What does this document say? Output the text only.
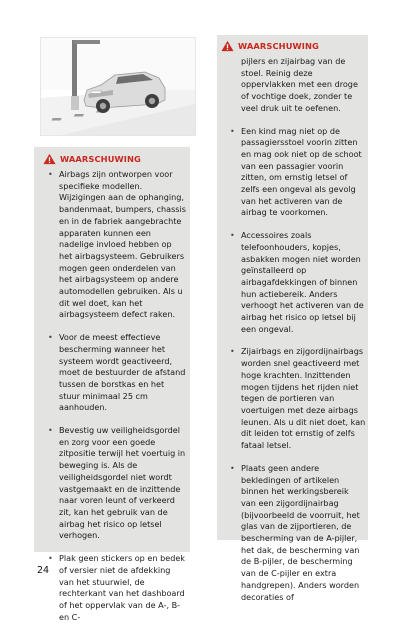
WAARSCHUWING
• Airbags zijn ontworpen voor specifieke modellen. Wijzigingen aan de ophanging, bandenmaat, bumpers, chassis en in de fabriek aangebrachte apparaten kunnen een nadelige invloed hebben op het airbagsysteem. Gebruikers mogen geen onderdelen van het airbagsysteem op andere automodellen gebruiken. Als u dit wel doet, kan het airbagsysteem defect raken.
• Voor de meest effectieve bescherming wanneer het systeem wordt geactiveerd, moet de bestuurder de afstand tussen de borstkas en het stuur minimaal 25 cm aanhouden.
• Bevestig uw veiligheidsgordel en zorg voor een goede zitpositie terwijl het voertuig in beweging is. Als de veiligheidsgordel niet wordt vastgemaakt en de inzittende naar voren leunt of verkeerd zit, kan het gebruik van de airbag het risico op letsel verhogen.
• Plak geen stickers op en bedek of versier niet de afdekking van het stuurwiel, de rechterkant van het dashboard of het oppervlak van de A-, B- en C-
WAARSCHUWING
pijlers en zijairbag van de stoel. Reinig deze oppervlakken met een droge of vochtige doek, zonder te veel druk uit te oefenen.
• Een kind mag niet op de passagiersstoel voorin zitten en mag ook niet op de schoot van een passagier voorin zitten, om ernstig letsel of zelfs een ongeval als gevolg van het activeren van de airbag te voorkomen.
• Accessoires zoals telefoonhouders, kopjes, asbakken mogen niet worden geïnstalleerd op airbagafdekkingen of binnen hun actiebereik. Anders verhoogt het activeren van de airbag het risico op letsel bij een ongeval.
• Zijairbags en zijgordijnairbags worden snel geactiveerd met hoge krachten. Inzittenden mogen tijdens het rijden niet tegen de portieren van voertuigen met deze airbags leunen. Als u dit niet doet, kan dit leiden tot ernstig of zelfs fataal letsel.
• Plaats geen andere bekledingen of artikelen binnen het werkingsbereik van een zijgordijnairbag (bijvoorbeeld de voorruit, het glas van de zijportieren, de bescherming van de A-pijler, het dak, de bescherming van de B-pijler, de bescherming van de C-pijler en extra handgrepen). Anders worden decoraties of
24
